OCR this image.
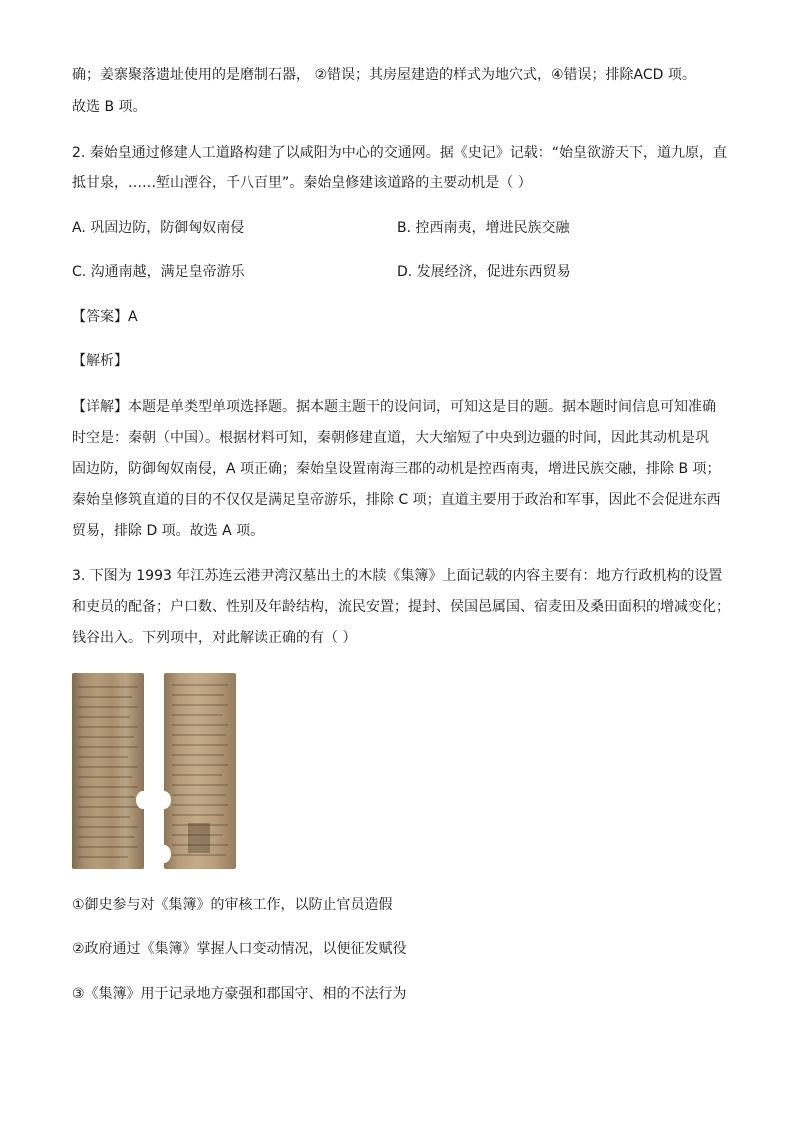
确；姜寨聚落遗址使用的是磨制石器， ②错误；其房屋建造的样式为地穴式，④错误；排除ACD 项。
故选 B 项。
2. 秦始皇通过修建人工道路构建了以咸阳为中心的交通网。据《史记》记载：“始皇欲游天下，道九原，直
抵甘泉，……堑山湮谷，千八百里”。秦始皇修建该道路的主要动机是（ ）
A. 巩固边防，防御匈奴南侵	B. 控西南夷，增进民族交融
C. 沟通南越，满足皇帝游乐	D. 发展经济，促进东西贸易
【答案】A
【解析】
【详解】本题是单类型单项选择题。据本题主题干的设问词，可知这是目的题。据本题时间信息可知准确
时空是：秦朝（中国）。根据材料可知，秦朝修建直道，大大缩短了中央到边疆的时间，因此其动机是巩
固边防，防御匈奴南侵，A 项正确；秦始皇设置南海三郡的动机是控西南夷，增进民族交融，排除 B 项；
秦始皇修筑直道的目的不仅仅是满足皇帝游乐，排除 C 项；直道主要用于政治和军事，因此不会促进东西
贸易，排除 D 项。故选 A 项。
3. 下图为 1993 年江苏连云港尹湾汉墓出土的木牍《集簿》上面记载的内容主要有：地方行政机构的设置
和吏员的配备；户口数、性别及年龄结构，流民安置；提封、侯国邑属国、宿麦田及桑田面积的增减变化；
钱谷出入。下列项中，对此解读正确的有（ ）
①御史参与对《集簿》的审核工作，以防止官员造假
②政府通过《集簿》掌握人口变动情况，以便征发赋役
③《集簿》用于记录地方豪强和郡国守、相的不法行为
